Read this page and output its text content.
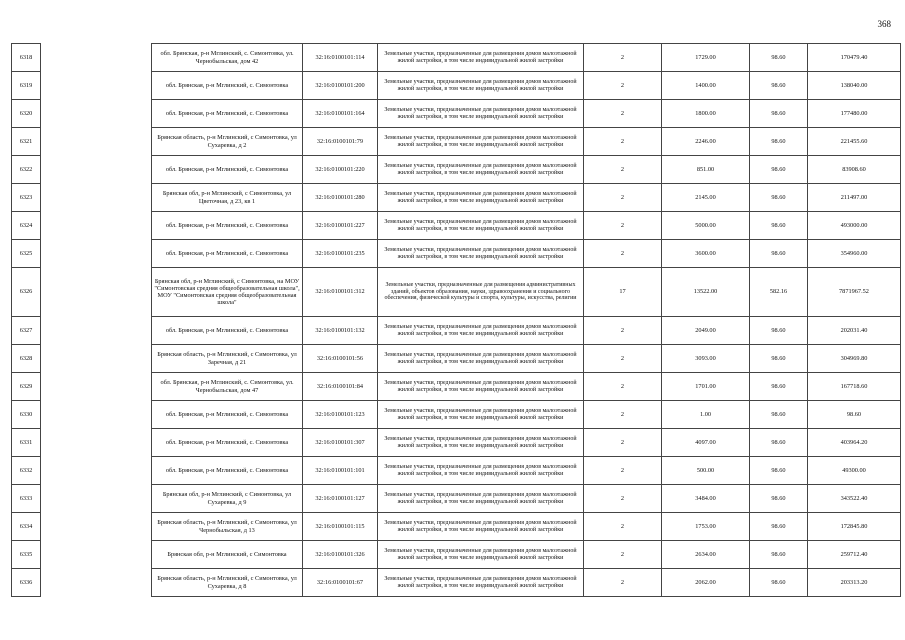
368
6318		обл. Брянская, р-н Мглинский, с. Симонтовка, ул. Чернобыльская, дом 42	32:16:0100101:114	Земельные участки, предназначенные для размещения домов малоэтажной жилой застройки, в том числе индивидуальной жилой застройки	2	1729.00	98.60	170479.40
6319		обл. Брянская, р-н Мглинский, с. Симонтовка	32:16:0100101:200	Земельные участки, предназначенные для размещения домов малоэтажной жилой застройки, в том числе индивидуальной жилой застройки	2	1400.00	98.60	138040.00
6320		обл. Брянская, р-н Мглинский, с. Симонтовка	32:16:0100101:164	Земельные участки, предназначенные для размещения домов малоэтажной жилой застройки, в том числе индивидуальной жилой застройки	2	1800.00	98.60	177480.00
6321		Брянская область, р-н Мглинский, с Симонтовка, ул Сухаревка, д 2	32:16:0100101:79	Земельные участки, предназначенные для размещения домов малоэтажной жилой застройки, в том числе индивидуальной жилой застройки	2	2246.00	98.60	221455.60
6322		обл. Брянская, р-н Мглинский, с. Симонтовка	32:16:0100101:220	Земельные участки, предназначенные для размещения домов малоэтажной жилой застройки, в том числе индивидуальной жилой застройки	2	851.00	98.60	83908.60
6323		Брянская обл, р-н Мглинский, с Симонтовка, ул Цветочная, д 23, кв 1	32:16:0100101:280	Земельные участки, предназначенные для размещения домов малоэтажной жилой застройки, в том числе индивидуальной жилой застройки	2	2145.00	98.60	211497.00
6324		обл. Брянская, р-н Мглинский, с. Симонтовка	32:16:0100101:227	Земельные участки, предназначенные для размещения домов малоэтажной жилой застройки, в том числе индивидуальной жилой застройки	2	5000.00	98.60	493000.00
6325		обл. Брянская, р-н Мглинский, с. Симонтовка	32:16:0100101:235	Земельные участки, предназначенные для размещения домов малоэтажной жилой застройки, в том числе индивидуальной жилой застройки	2	3600.00	98.60	354960.00
6326		Брянская обл, р-н Мглинский, с Симонтовка, на МОУ "Симонтовская средняя общеобразовательная школа", МОУ "Симонтовская средняя общеобразовательная школа"	32:16:0100101:312	Земельные участки, предназначенные для размещения административных зданий, объектов образования, науки, здравоохранения и социального обеспечения, физической культуры и спорта, культуры, искусства, религии	17	13522.00	582.16	7871967.52
6327		обл. Брянская, р-н Мглинский, с. Симонтовка	32:16:0100101:132	Земельные участки, предназначенные для размещения домов малоэтажной жилой застройки, в том числе индивидуальной жилой застройки	2	2049.00	98.60	202031.40
6328		Брянская область, р-н Мглинский, с Симонтовка, ул Заречная, д 21	32:16:0100101:56	Земельные участки, предназначенные для размещения домов малоэтажной жилой застройки, в том числе индивидуальной жилой застройки	2	3093.00	98.60	304969.80
6329		обл. Брянская, р-н Мглинский, с. Симонтовка, ул. Чернобыльская, дом 47	32:16:0100101:84	Земельные участки, предназначенные для размещения домов малоэтажной жилой застройки, в том числе индивидуальной жилой застройки	2	1701.00	98.60	167718.60
6330		обл. Брянская, р-н Мглинский, с. Симонтовка	32:16:0100101:123	Земельные участки, предназначенные для размещения домов малоэтажной жилой застройки, в том числе индивидуальной жилой застройки	2	1.00	98.60	98.60
6331		обл. Брянская, р-н Мглинский, с. Симонтовка	32:16:0100101:307	Земельные участки, предназначенные для размещения домов малоэтажной жилой застройки, в том числе индивидуальной жилой застройки	2	4097.00	98.60	403964.20
6332		обл. Брянская, р-н Мглинский, с. Симонтовка	32:16:0100101:101	Земельные участки, предназначенные для размещения домов малоэтажной жилой застройки, в том числе индивидуальной жилой застройки	2	500.00	98.60	49300.00
6333		Брянская обл, р-н Мглинский, с Симонтовка, ул Сухаревка, д 9	32:16:0100101:127	Земельные участки, предназначенные для размещения домов малоэтажной жилой застройки, в том числе индивидуальной жилой застройки	2	3484.00	98.60	343522.40
6334		Брянская область, р-н Мглинский, с Симонтовка, ул Чернобыльская, д 13	32:16:0100101:115	Земельные участки, предназначенные для размещения домов малоэтажной жилой застройки, в том числе индивидуальной жилой застройки	2	1753.00	98.60	172845.80
6335		Брянская обл, р-н Мглинский, с Симонтовка	32:16:0100101:326	Земельные участки, предназначенные для размещения домов малоэтажной жилой застройки, в том числе индивидуальной жилой застройки	2	2634.00	98.60	259712.40
6336		Брянская область, р-н Мглинский, с Симонтовка, ул Сухаревка, д 8	32:16:0100101:67	Земельные участки, предназначенные для размещения домов малоэтажной жилой застройки, в том числе индивидуальной жилой застройки	2	2062.00	98.60	203313.20
